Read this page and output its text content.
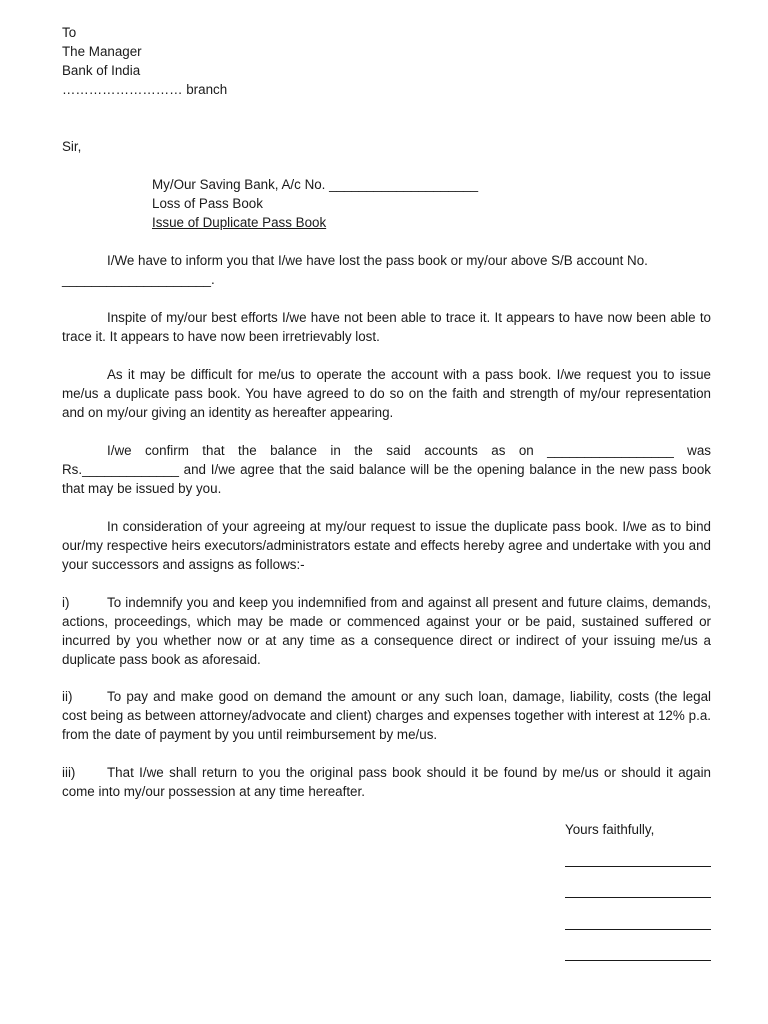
To
The Manager
Bank of India
……………………… branch
Sir,
My/Our Saving Bank, A/c No. ____________________
Loss of Pass Book
Issue of Duplicate Pass Book
I/We have to inform you that I/we have lost the pass book or my/our above S/B account No.
____________________.
Inspite of my/our best efforts I/we have not been able to trace it. It appears to have now been able to trace it. It appears to have now been irretrievably lost.
As it may be difficult for me/us to operate the account with a pass book. I/we request you to issue me/us a duplicate pass book. You have agreed to do so on the faith and strength of my/our representation and on my/our giving an identity as hereafter appearing.
I/we confirm that the balance in the said accounts as on _________________ was Rs._____________ and I/we agree that the said balance will be the opening balance in the new pass book that may be issued by you.
In consideration of your agreeing at my/our request to issue the duplicate pass book. I/we as to bind our/my respective heirs executors/administrators estate and effects hereby agree and undertake with you and your successors and assigns as follows:-
i)	To indemnify you and keep you indemnified from and against all present and future claims, demands, actions, proceedings, which may be made or commenced against your or be paid, sustained suffered or incurred by you whether now or at any time as a consequence direct or indirect of your issuing me/us a duplicate pass book as aforesaid.
ii)	To pay and make good on demand the amount or any such loan, damage, liability, costs (the legal cost being as between attorney/advocate and client) charges and expenses together with interest at 12% p.a. from the date of payment by you until reimbursement by me/us.
iii) That I/we shall return to you the original pass book should it be found by me/us or should it again come into my/our possession at any time hereafter.
Yours faithfully,
